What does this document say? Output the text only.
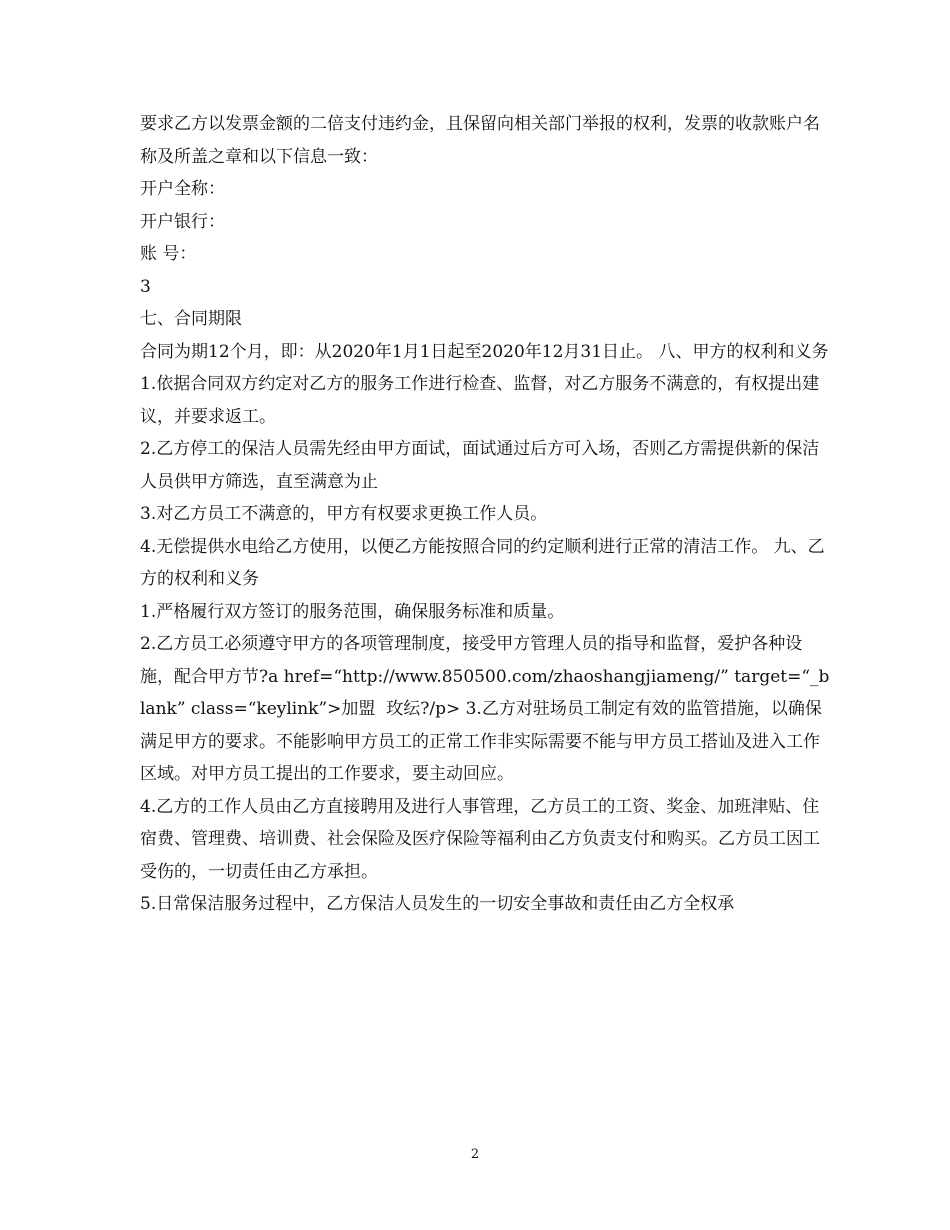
要求乙方以发票金额的二倍支付违约金，且保留向相关部门举报的权利，发票的收款账户名称及所盖之章和以下信息一致：

开户全称：

开户银行：

账 号：

3

七、合同期限

合同为期12个月，即：从2020年1月1日起至2020年12月31日止。 八、甲方的权利和义务

1.依据合同双方约定对乙方的服务工作进行检查、监督，对乙方服务不满意的，有权提出建议，并要求返工。

2.乙方停工的保洁人员需先经由甲方面试，面试通过后方可入场，否则乙方需提供新的保洁人员供甲方筛选，直至满意为止

3.对乙方员工不满意的，甲方有权要求更换工作人员。

4.无偿提供水电给乙方使用，以便乙方能按照合同的约定顺利进行正常的清洁工作。 九、乙方的权利和义务

1.严格履行双方签订的服务范围，确保服务标准和质量。

2.乙方员工必须遵守甲方的各项管理制度，接受甲方管理人员的指导和监督，爱护各种设施，配合甲方节?a href=“http://www.850500.com/zhaoshangjiameng/” target=“_blank” class=“keylink”>加盟  玫纭?/p> 3.乙方对驻场员工制定有效的监管措施，以确保满足甲方的要求。不能影响甲方员工的正常工作非实际需要不能与甲方员工搭讪及进入工作区域。对甲方员工提出的工作要求，要主动回应。

4.乙方的工作人员由乙方直接聘用及进行人事管理，乙方员工的工资、奖金、加班津贴、住宿费、管理费、培训费、社会保险及医疗保险等福利由乙方负责支付和购买。乙方员工因工受伤的，一切责任由乙方承担。

5.日常保洁服务过程中，乙方保洁人员发生的一切安全事故和责任由乙方全权承

2
